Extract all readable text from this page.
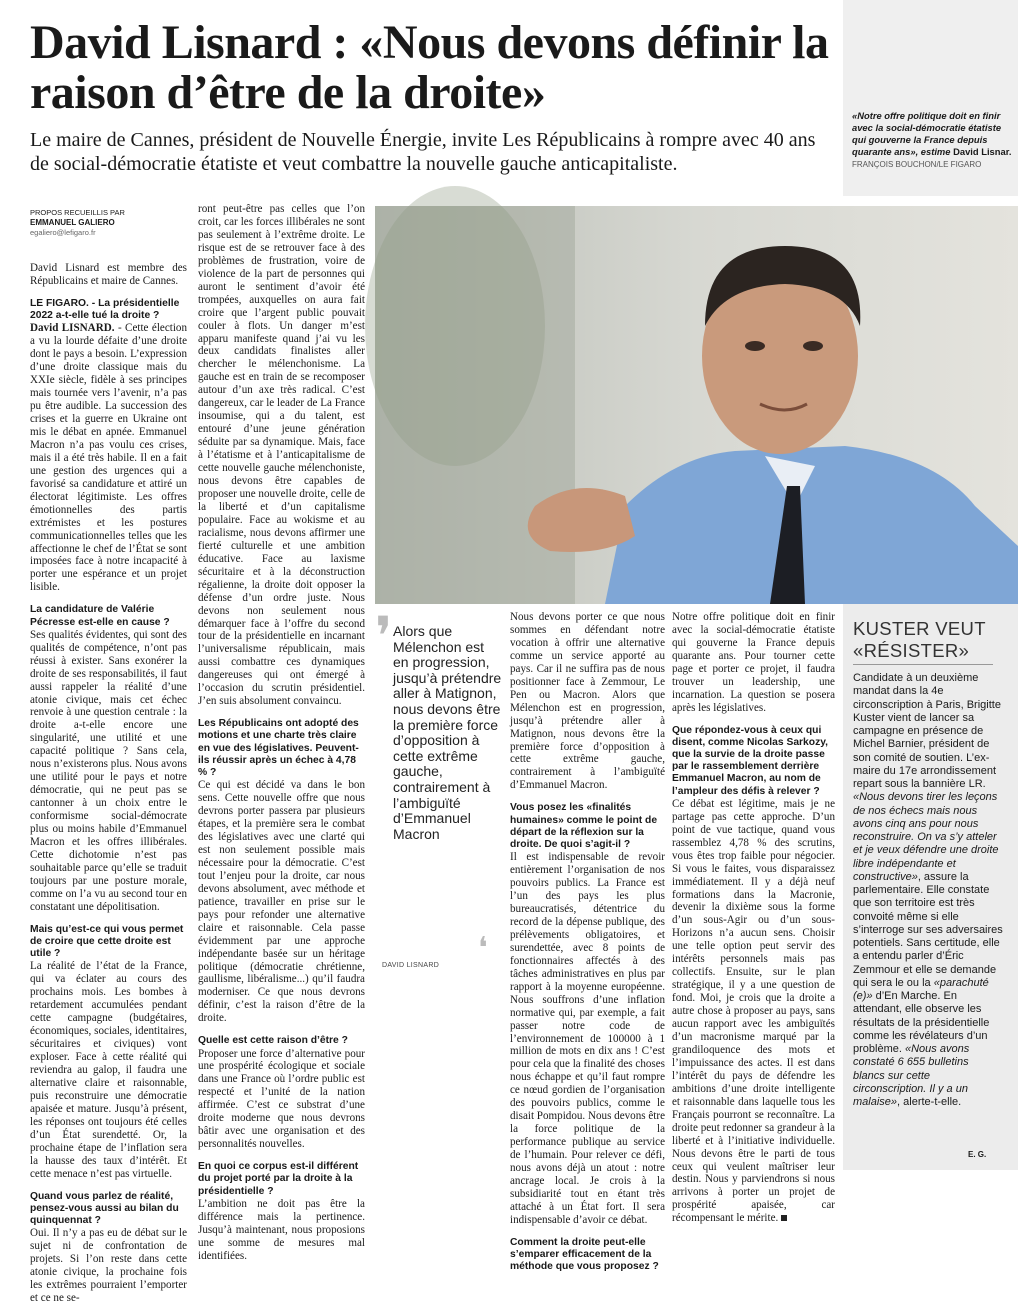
David Lisnard : «Nous devons définir la raison d’être de la droite»
Le maire de Cannes, président de Nouvelle Énergie, invite Les Républicains à rompre avec 40 ans de social-démocratie étatiste et veut combattre la nouvelle gauche anticapitaliste.
«Notre offre politique doit en finir avec la social-démocratie étatiste qui gouverne la France depuis quarante ans», estime David Lisnar. FRANÇOIS BOUCHON/LE FIGARO
PROPOS RECUEILLIS PAR
EMMANUEL GALIERO
egaliero@lefigaro.fr

David Lisnard est membre des Républicains et maire de Cannes.

LE FIGARO. - La présidentielle 2022 a-t-elle tué la droite ?

David LISNARD. - Cette élection a vu la lourde défaite d’une droite dont le pays a besoin. L’expression d’une droite classique mais du XXIe siècle, fidèle à ses principes mais tournée vers l’avenir, n’a pas pu être audible. La succession des crises et la guerre en Ukraine ont mis le débat en apnée. Emmanuel Macron n’a pas voulu ces crises, mais il a été très habile. Il en a fait une gestion des urgences qui a favorisé sa candidature et attiré un électorat légitimiste. Les offres émotionnelles des partis extrémistes et les postures communicationnelles telles que les affectionne le chef de l’État se sont imposées face à notre incapacité à porter une espérance et un projet lisible.

La candidature de Valérie Pécresse est-elle en cause ?

Ses qualités évidentes, qui sont des qualités de compétence, n’ont pas réussi à exister. Sans exonérer la droite de ses responsabilités, il faut aussi rappeler la réalité d’une atonie civique, mais cet échec renvoie à une question centrale : la droite a-t-elle encore une singularité, une utilité et une capacité politique ? Sans cela, nous n’existerons plus. Nous avons une utilité pour le pays et notre démocratie, qui ne peut pas se cantonner à un choix entre le conformisme social-démocrate plus ou moins habile d’Emmanuel Macron et les offres illibérales. Cette dichotomie n’est pas souhaitable parce qu’elle se traduit toujours par une posture morale, comme on l’a vu au second tour en constatant une dépolitisation.

Mais qu’est-ce qui vous permet de croire que cette droite est utile ?

La réalité de l’état de la France, qui va éclater au cours des prochains mois. Les bombes à retardement accumulées pendant cette campagne (budgétaires, économiques, sociales, identitaires, sécuritaires et civiques) vont exploser. Face à cette réalité qui reviendra au galop, il faudra une alternative claire et raisonnable, puis reconstruire une démocratie apaisée et mature. Jusqu’à présent, les réponses ont toujours été celles d’un État surendetté. Or, la prochaine étape de l’inflation sera la hausse des taux d’intérêt. Et cette menace n’est pas virtuelle.

Quand vous parlez de réalité, pensez-vous aussi au bilan du quinquennat ?

Oui. Il n’y a pas eu de débat sur le sujet ni de confrontation de projets. Si l’on reste dans cette atonie civique, la prochaine fois les extrêmes pourraient l’emporter et ce ne se-

ront peut-être pas celles que l’on croit, car les forces illibérales ne sont pas seulement à l’extrême droite. Le risque est de se retrouver face à des problèmes de frustration, voire de violence de la part de personnes qui auront le sentiment d’avoir été trompées, auxquelles on aura fait croire que l’argent public pouvait couler à flots. Un danger m’est apparu manifeste quand j’ai vu les deux candidats finalistes aller chercher le mélenchonisme. La gauche est en train de se recomposer autour d’un axe très radical. C’est dangereux, car le leader de La France insoumise, qui a du talent, est entouré d’une jeune génération séduite par sa dynamique. Mais, face à l’étatisme et à l’anticapitalisme de cette nouvelle gauche mélenchoniste, nous devons être capables de proposer une nouvelle droite, celle de la liberté et d’un capitalisme populaire. Face au wokisme et au racialisme, nous devons affirmer une fierté culturelle et une ambition éducative. Face au laxisme sécuritaire et à la déconstruction régalienne, la droite doit opposer la défense d’un ordre juste. Nous devons non seulement nous démarquer face à l’offre du second tour de la présidentielle en incarnant l’universalisme républicain, mais aussi combattre ces dynamiques dangereuses qui ont émergé à l’occasion du scrutin présidentiel. J’en suis absolument convaincu.

Les Républicains ont adopté des motions et une charte très claire en vue des législatives. Peuvent-ils réussir après un échec à 4,78 % ?

Ce qui est décidé va dans le bon sens. Cette nouvelle offre que nous devrons porter passera par plusieurs étapes, et la première sera le combat des législatives avec une clarté qui est non seulement possible mais nécessaire pour la démocratie. C’est tout l’enjeu pour la droite, car nous devons absolument, avec méthode et patience, travailler en prise sur le pays pour refonder une alternative claire et raisonnable. Cela passe évidemment par une approche indépendante basée sur un héritage politique (démocratie chrétienne, gaullisme, libéralisme...) qu’il faudra moderniser. Ce que nous devrons définir, c’est la raison d’être de la droite.

Quelle est cette raison d’être ?

Proposer une force d’alternative pour une prospérité écologique et sociale dans une France où l’ordre public est respecté et l’unité de la nation affirmée. C’est ce substrat d’une droite moderne que nous devrons bâtir avec une organisation et des personnalités nouvelles.

En quoi ce corpus est-il différent du projet porté par la droite à la présidentielle ?

L’ambition ne doit pas être la différence mais la pertinence. Jusqu’à maintenant, nous proposions une somme de mesures mal identifiées.

❜ Alors que Mélenchon est en progression, jusqu’à prétendre aller à Matignon, nous devons être la première force d’opposition à cette extrême gauche, contrairement à l’ambiguïté d’Emmanuel Macron
❛
DAVID LISNARD

Nous devons porter ce que nous sommes en défendant notre vocation à offrir une alternative comme un service apporté au pays. Car il ne suffira pas de nous positionner face à Zemmour, Le Pen ou Macron. Alors que Mélenchon est en progression, jusqu’à prétendre aller à Matignon, nous devons être la première force d’opposition à cette extrême gauche, contrairement à l’ambiguïté d’Emmanuel Macron.

Vous posez les «finalités humaines» comme le point de départ de la réflexion sur la droite. De quoi s’agit-il ?

Il est indispensable de revoir entièrement l’organisation de nos pouvoirs publics. La France est l’un des pays les plus bureaucratisés, détentrice du record de la dépense publique, des prélèvements obligatoires, et surendettée, avec 8 points de fonctionnaires affectés à des tâches administratives en plus par rapport à la moyenne européenne. Nous souffrons d’une inflation normative qui, par exemple, a fait passer notre code de l’environnement de 100000 à 1 million de mots en dix ans ! C’est pour cela que la finalité des choses nous échappe et qu’il faut rompre ce nœud gordien de l’organisation des pouvoirs publics, comme le disait Pompidou. Nous devons être la force politique de la performance publique au service de l’humain. Pour relever ce défi, nous avons déjà un atout : notre ancrage local. Je crois à la subsidiarité tout en étant très attaché à un État fort. Il sera indispensable d’avoir ce débat.

Comment la droite peut-elle s’emparer efficacement de la méthode que vous proposez ?

Notre offre politique doit en finir avec la social-démocratie étatiste qui gouverne la France depuis quarante ans. Pour tourner cette page et porter ce projet, il faudra trouver un leadership, une incarnation. La question se posera après les législatives.

Que répondez-vous à ceux qui disent, comme Nicolas Sarkozy, que la survie de la droite passe par le rassemblement derrière Emmanuel Macron, au nom de l’ampleur des défis à relever ?

Ce débat est légitime, mais je ne partage pas cette approche. D’un point de vue tactique, quand vous rassemblez 4,78 % des scrutins, vous êtes trop faible pour négocier. Si vous le faites, vous disparaissez immédiatement. Il y a déjà neuf formations dans la Macronie, devenir la dixième sous la forme d’un sous-Agir ou d’un sous-Horizons n’a aucun sens. Choisir une telle option peut servir des intérêts personnels mais pas collectifs. Ensuite, sur le plan stratégique, il y a une question de fond. Moi, je crois que la droite a autre chose à proposer au pays, sans aucun rapport avec les ambiguïtés d’un macronisme marqué par la grandiloquence des mots et l’impuissance des actes. Il est dans l’intérêt du pays de défendre les ambitions d’une droite intelligente et raisonnable dans laquelle tous les Français pourront se reconnaître. La droite peut redonner sa grandeur à la liberté et à l’initiative individuelle. Nous devons être le parti de tous ceux qui veulent maîtriser leur destin. Nous y parviendrons si nous arrivons à porter un projet de prospérité apaisée, car récompensant le mérite.

KUSTER VEUT «RÉSISTER»
Candidate à un deuxième mandat dans la 4e circonscription à Paris, Brigitte Kuster vient de lancer sa campagne en présence de Michel Barnier, président de son comité de soutien. L’ex-maire du 17e arrondissement repart sous la bannière LR. «Nous devons tirer les leçons de nos échecs mais nous avons cinq ans pour nous reconstruire. On va s’y atteler et je veux défendre une droite libre indépendante et constructive», assure la parlementaire. Elle constate que son territoire est très convoité même si elle s’interroge sur ses adversaires potentiels. Sans certitude, elle a entendu parler d’Éric Zemmour et elle se demande qui sera le ou la «parachuté (e)» d’En Marche. En attendant, elle observe les résultats de la présidentielle comme les révélateurs d’un problème. «Nous avons constaté 6 655 bulletins blancs sur cette circonscription. Il y a un malaise», alerte-t-elle.
E. G.
